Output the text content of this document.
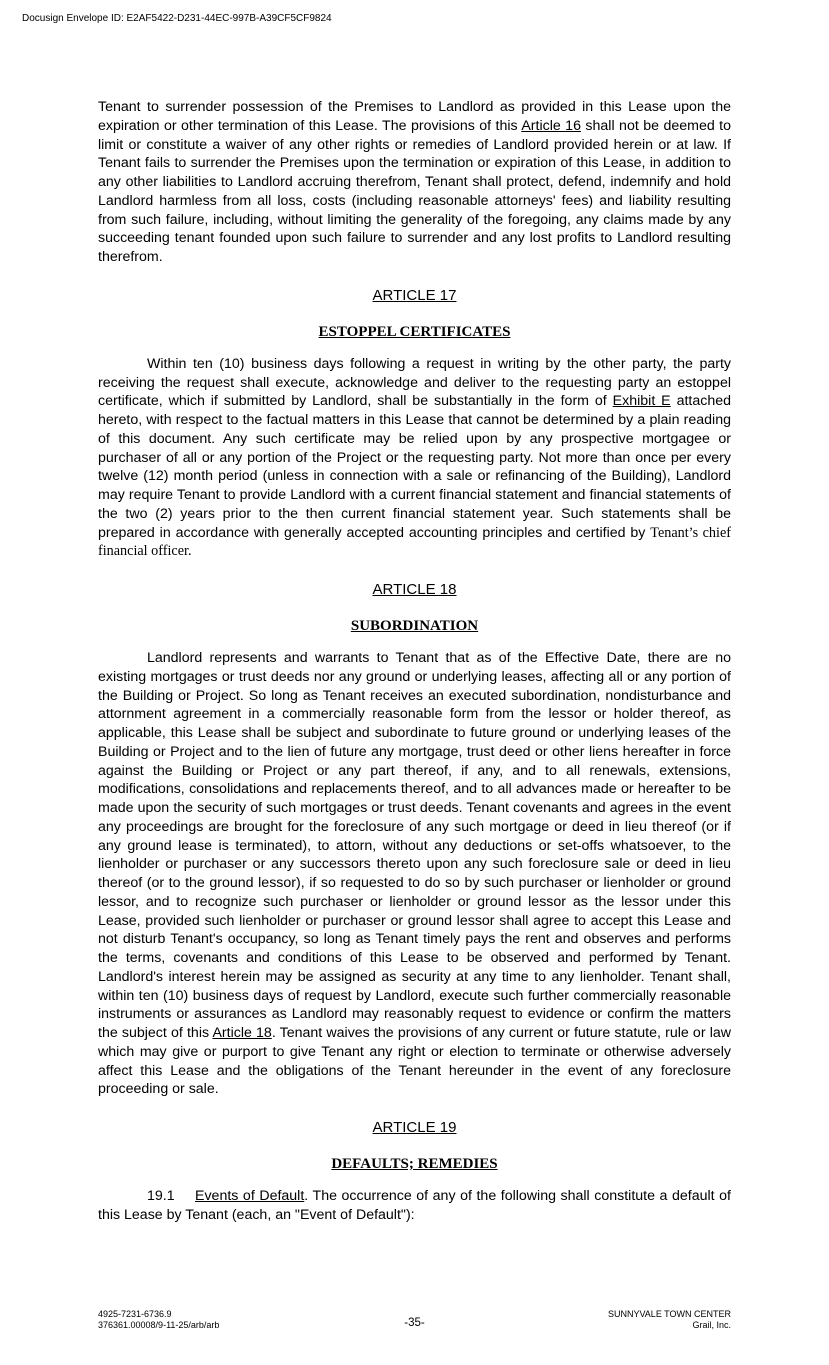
Docusign Envelope ID: E2AF5422-D231-44EC-997B-A39CF5CF9824

Tenant to surrender possession of the Premises to Landlord as provided in this Lease upon the expiration or other termination of this Lease. The provisions of this Article 16 shall not be deemed to limit or constitute a waiver of any other rights or remedies of Landlord provided herein or at law. If Tenant fails to surrender the Premises upon the termination or expiration of this Lease, in addition to any other liabilities to Landlord accruing therefrom, Tenant shall protect, defend, indemnify and hold Landlord harmless from all loss, costs (including reasonable attorneys' fees) and liability resulting from such failure, including, without limiting the generality of the foregoing, any claims made by any succeeding tenant founded upon such failure to surrender and any lost profits to Landlord resulting therefrom.

ARTICLE 17
ESTOPPEL CERTIFICATES

Within ten (10) business days following a request in writing by the other party, the party receiving the request shall execute, acknowledge and deliver to the requesting party an estoppel certificate, which if submitted by Landlord, shall be substantially in the form of Exhibit E attached hereto, with respect to the factual matters in this Lease that cannot be determined by a plain reading of this document. Any such certificate may be relied upon by any prospective mortgagee or purchaser of all or any portion of the Project or the requesting party. Not more than once per every twelve (12) month period (unless in connection with a sale or refinancing of the Building), Landlord may require Tenant to provide Landlord with a current financial statement and financial statements of the two (2) years prior to the then current financial statement year. Such statements shall be prepared in accordance with generally accepted accounting principles and certified by Tenant’s chief financial officer.

ARTICLE 18
SUBORDINATION

Landlord represents and warrants to Tenant that as of the Effective Date, there are no existing mortgages or trust deeds nor any ground or underlying leases, affecting all or any portion of the Building or Project. So long as Tenant receives an executed subordination, nondisturbance and attornment agreement in a commercially reasonable form from the lessor or holder thereof, as applicable, this Lease shall be subject and subordinate to future ground or underlying leases of the Building or Project and to the lien of future any mortgage, trust deed or other liens hereafter in force against the Building or Project or any part thereof, if any, and to all renewals, extensions, modifications, consolidations and replacements thereof, and to all advances made or hereafter to be made upon the security of such mortgages or trust deeds. Tenant covenants and agrees in the event any proceedings are brought for the foreclosure of any such mortgage or deed in lieu thereof (or if any ground lease is terminated), to attorn, without any deductions or set-offs whatsoever, to the lienholder or purchaser or any successors thereto upon any such foreclosure sale or deed in lieu thereof (or to the ground lessor), if so requested to do so by such purchaser or lienholder or ground lessor, and to recognize such purchaser or lienholder or ground lessor as the lessor under this Lease, provided such lienholder or purchaser or ground lessor shall agree to accept this Lease and not disturb Tenant's occupancy, so long as Tenant timely pays the rent and observes and performs the terms, covenants and conditions of this Lease to be observed and performed by Tenant. Landlord's interest herein may be assigned as security at any time to any lienholder. Tenant shall, within ten (10) business days of request by Landlord, execute such further commercially reasonable instruments or assurances as Landlord may reasonably request to evidence or confirm the matters the subject of this Article 18. Tenant waives the provisions of any current or future statute, rule or law which may give or purport to give Tenant any right or election to terminate or otherwise adversely affect this Lease and the obligations of the Tenant hereunder in the event of any foreclosure proceeding or sale.

ARTICLE 19
DEFAULTS; REMEDIES

19.1 Events of Default. The occurrence of any of the following shall constitute a default of this Lease by Tenant (each, an "Event of Default"):

4925-7231-6736.9
376361.00008/9-11-25/arb/arb	-35-
SUNNYVALE TOWN CENTER
Grail, Inc.
